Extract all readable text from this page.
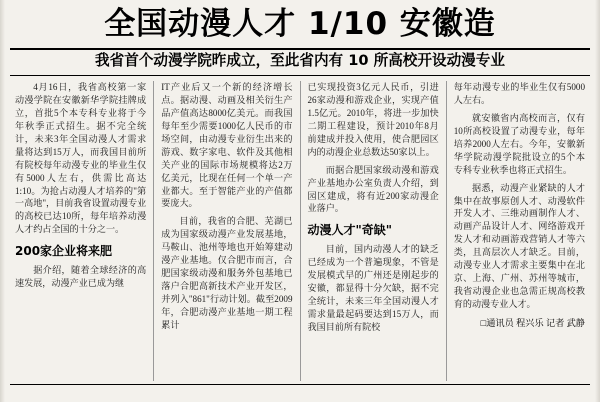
全国动漫人才 1/10 安徽造
我省首个动漫学院昨成立，至此省内有 10 所高校开设动漫专业

4月16日，我省高校第一家动漫学院在安徽新华学院挂牌成立，首批5个本专科专业将于今年秋季正式招生。据不完全统计，未来3年全国动漫人才需求量将达到15万人，而我国目前所有院校每年动漫专业的毕业生仅有5000人左右，供需比高达1:10。为抢占动漫人才培养的"第一高地"，目前我省设置动漫专业的高校已达10所，每年培养动漫人才约占全国的十分之一。

200家企业将来肥

据介绍，随着全球经济的高速发展，动漫产业已成为继

IT产业后又一个新的经济增长点。据动漫、动画及相关衍生产品产值高达8000亿美元。而我国每年至少需要1000亿人民币的市场空间，由动漫专业衍生出来的游戏、数字家电、软件及其他相关产业的国际市场规模将达2万亿美元，比现在任何一个单一产业都大。至于智能产业的产值都要庞大。

目前，我省的合肥、芜湖已成为国家级动漫产业发展基地，马鞍山、池州等地也开始筹建动漫产业基地。仅合肥市而言，合肥国家级动漫和服务外包基地已落户合肥高新技术产业开发区，并列入"861"行动计划。截至2009年，合肥动漫产业基地一期工程累计

已实现投资3亿元人民币，引进26家动漫和游戏企业，实现产值1.5亿元。2010年，将进一步加快二期工程建设，预计2010年8月前建成并投入使用，使合肥园区内的动漫企业总数达50家以上。

而据合肥国家级动漫和游戏产业基地办公室负责人介绍，到园区建成，将有近200家动漫企业落户。

动漫人才"奇缺"

目前，国内动漫人才的缺乏已经成为一个普遍现象，不管是发展模式早的广州还是刚起步的安徽，都显得十分欠缺，据不完全统计，未来三年全国动漫人才需求量最起码要达到15万人，而我国目前所有院校

每年动漫专业的毕业生仅有5000人左右。

就安徽省内高校而言，仅有10所高校设置了动漫专业，每年培养2000人左右。今年，安徽新华学院动漫学院批设立的5个本专科专业秋季也将正式招生。

据悉，动漫产业紧缺的人才集中在故事原创人才、动漫软件开发人才、三维动画制作人才、动画产品设计人才、网络游戏开发人才和动画游戏营销人才等六类，且高层次人才缺乏。目前，动漫专业人才需求主要集中在北京、上海、广州、苏州等城市，我省动漫企业也急需正规高校教育的动漫专业人才。

□通讯员 程兴乐 记者 武静
